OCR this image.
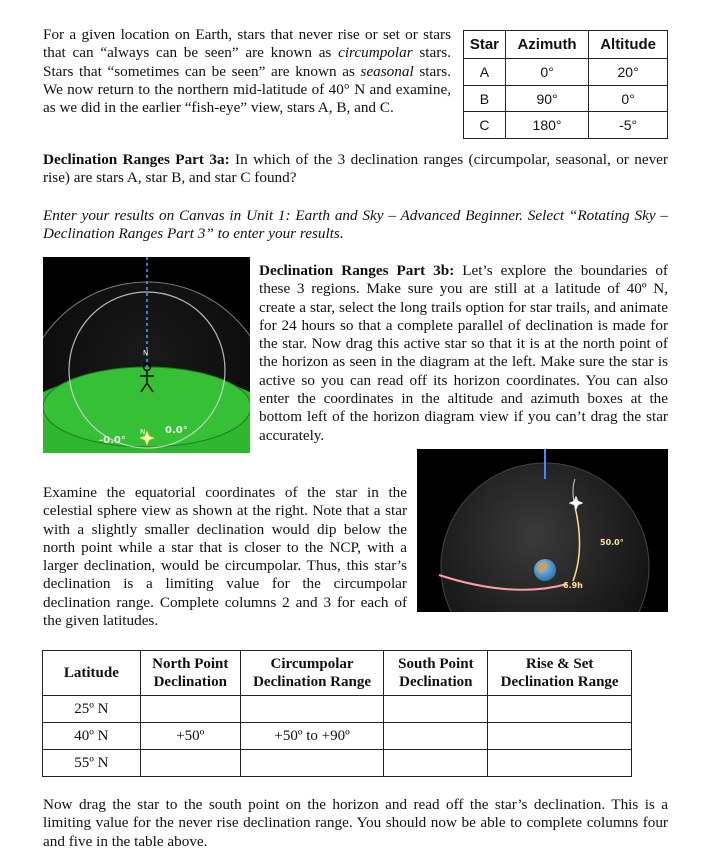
For a given location on Earth, stars that never rise or set or stars that can “always can be seen” are known as circumpolar stars. Stars that “sometimes can be seen” are known as seasonal stars. We now return to the northern mid-latitude of 40° N and examine, as we did in the earlier “fish-eye” view, stars A, B, and C.

Star	Azimuth	Altitude
A	0°	20°
B	90°	0°
C	180°	-5°

Declination Ranges Part 3a: In which of the 3 declination ranges (circumpolar, seasonal, or never rise) are stars A, star B, and star C found?

Enter your results on Canvas in Unit 1: Earth and Sky – Advanced Beginner. Select “Rotating Sky – Declination Ranges Part 3” to enter your results.

N
N
-0.0°
0.0°

Declination Ranges Part 3b: Let’s explore the boundaries of these 3 regions. Make sure you are still at a latitude of 40º N, create a star, select the long trails option for star trails, and animate for 24 hours so that a complete parallel of declination is made for the star. Now drag this active star so that it is at the north point of the horizon as seen in the diagram at the left. Make sure the star is active so you can read off its horizon coordinates. You can also enter the coordinates in the altitude and azimuth boxes at the bottom left of the horizon diagram view if you can’t drag the star accurately.

Examine the equatorial coordinates of the star in the celestial sphere view as shown at the right. Note that a star with a slightly smaller declination would dip below the north point while a star that is closer to the NCP, with a larger declination, would be circumpolar. Thus, this star’s declination is a limiting value for the circumpolar declination range. Complete columns 2 and 3 for each of the given latitudes.

50.0°
6.9h
Latitude	North Point Declination	Circumpolar Declination Range	South Point Declination	Rise & Set Declination Range
25º N				
40º N	+50º	+50º to +90º		
55º N				

Now drag the star to the south point on the horizon and read off the star’s declination. This is a limiting value for the never rise declination range. You should now be able to complete columns four and five in the table above.
